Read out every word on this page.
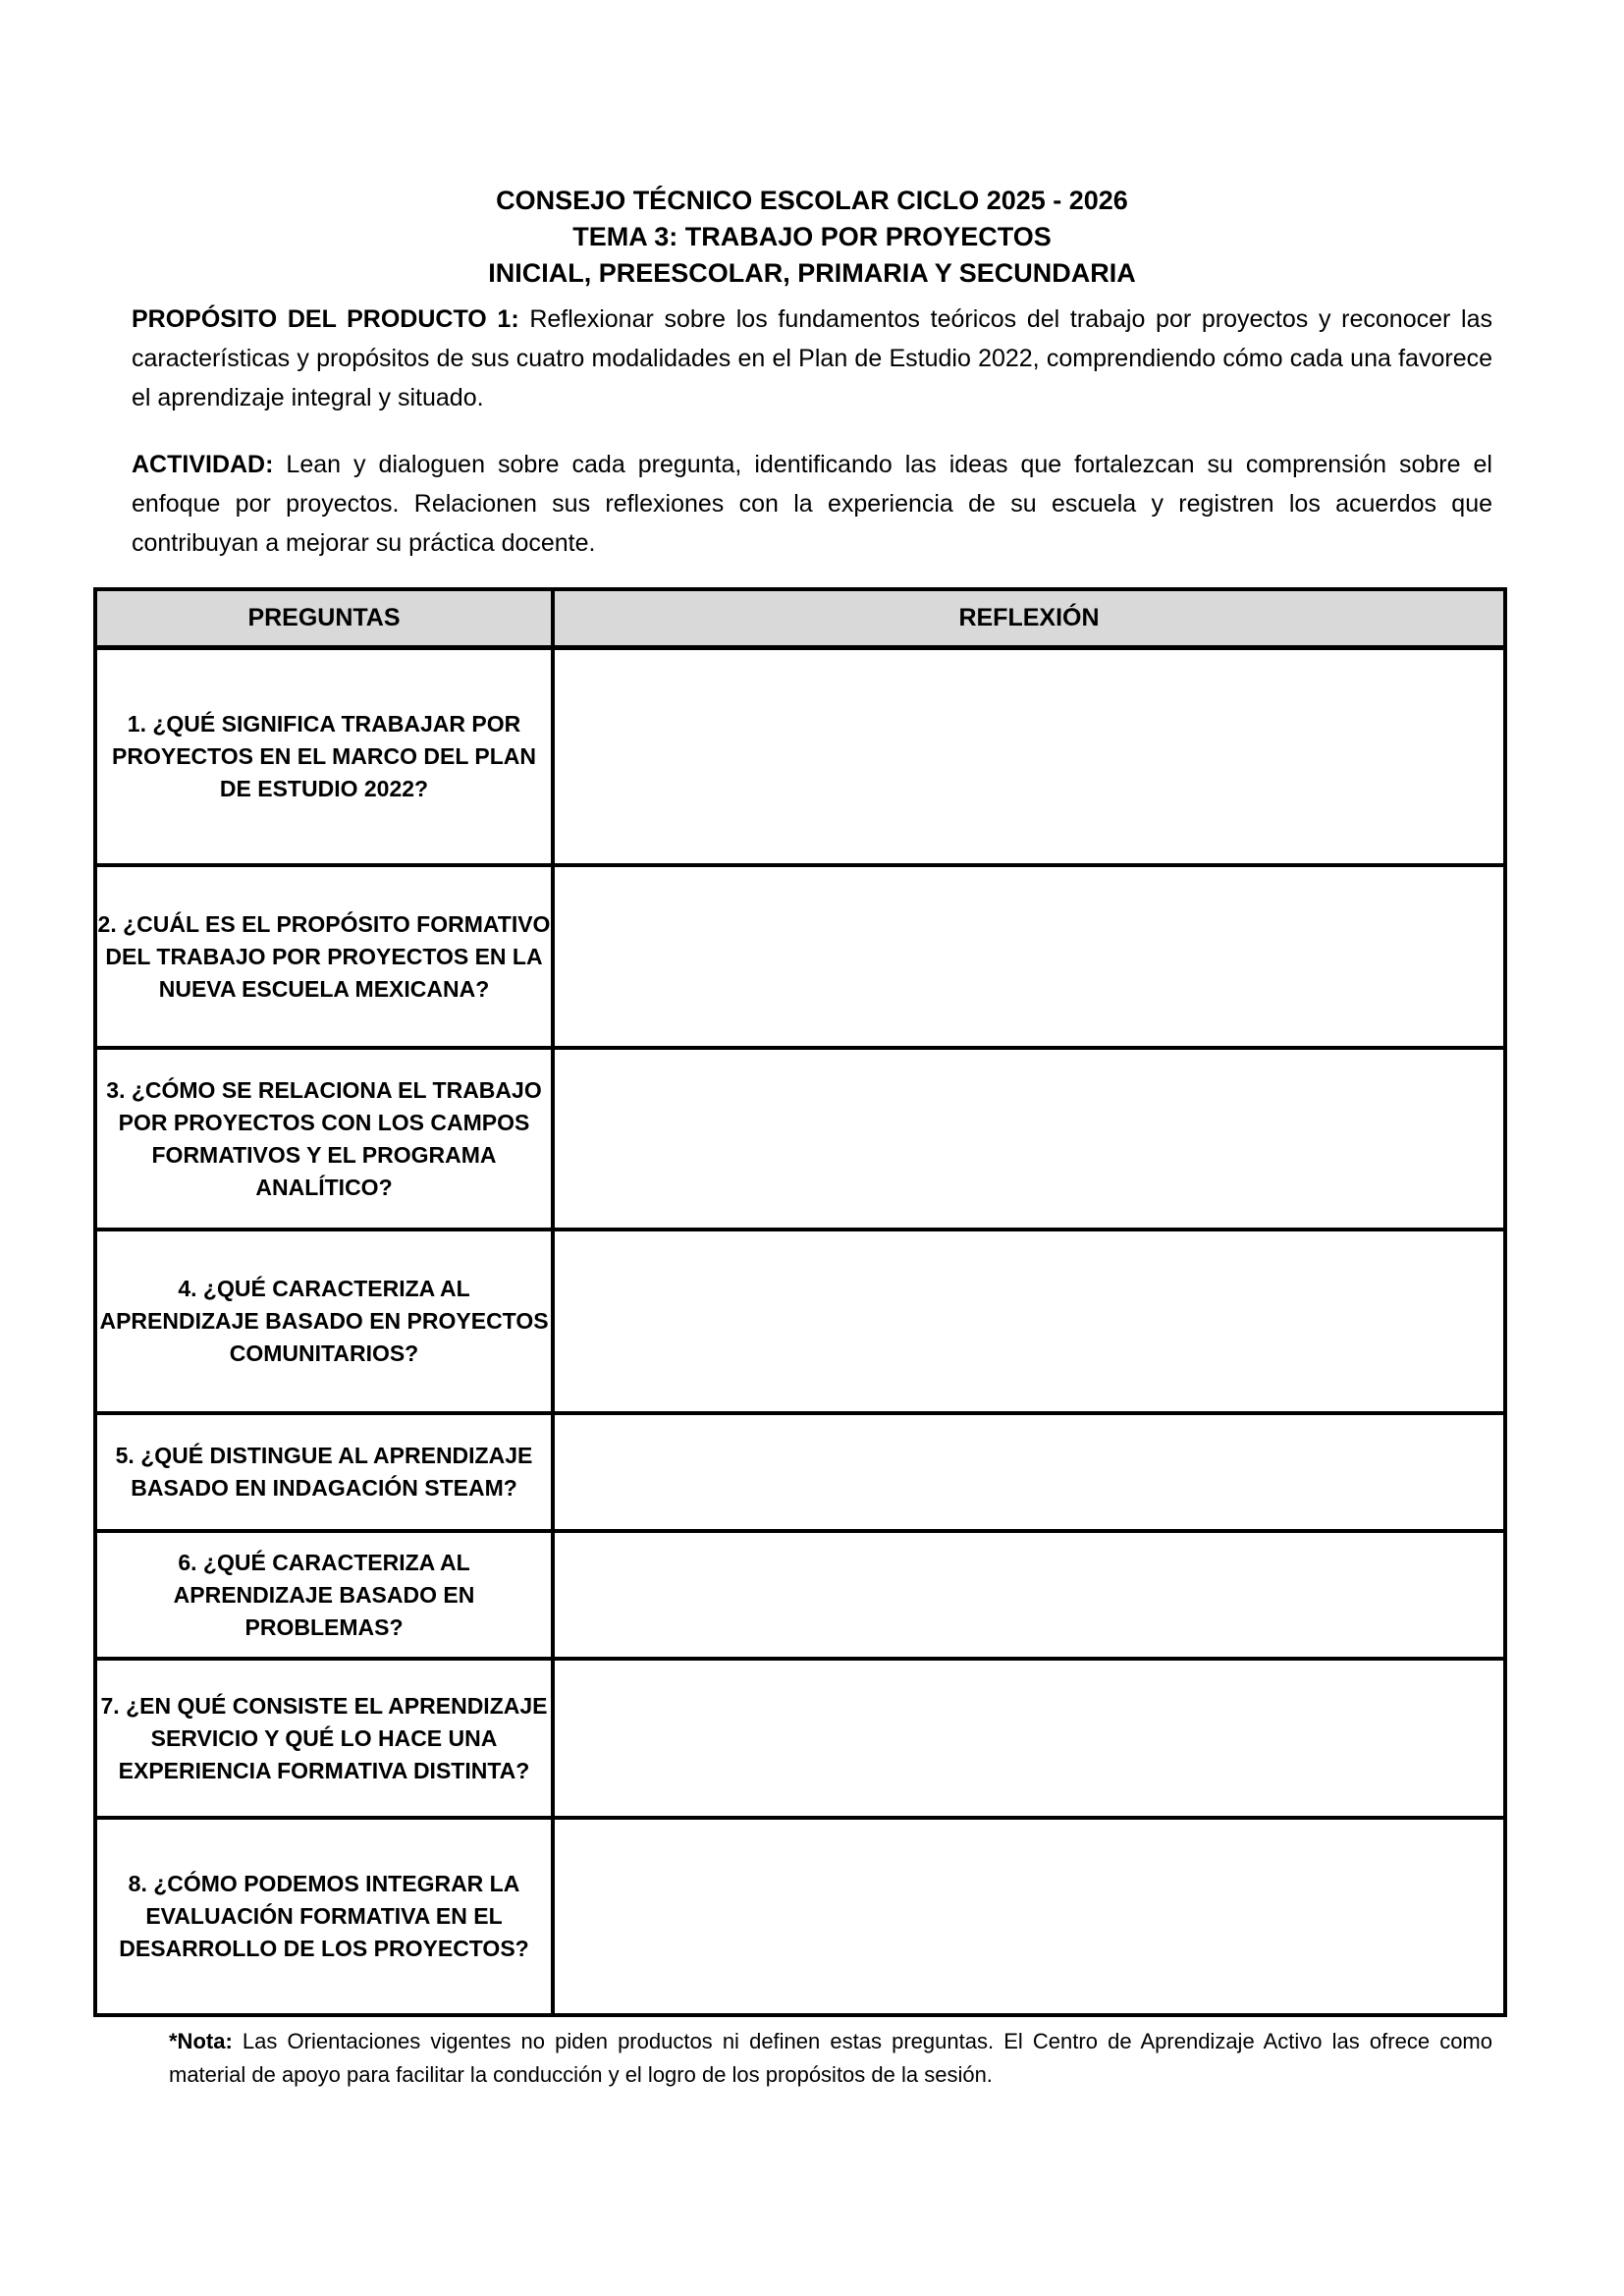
CONSEJO TÉCNICO ESCOLAR CICLO 2025 - 2026
TEMA 3: TRABAJO POR PROYECTOS
INICIAL, PREESCOLAR, PRIMARIA Y SECUNDARIA

PROPÓSITO DEL PRODUCTO 1: Reflexionar sobre los fundamentos teóricos del trabajo por proyectos y reconocer las características y propósitos de sus cuatro modalidades en el Plan de Estudio 2022, comprendiendo cómo cada una favorece el aprendizaje integral y situado.

ACTIVIDAD: Lean y dialoguen sobre cada pregunta, identificando las ideas que fortalezcan su comprensión sobre el enfoque por proyectos. Relacionen sus reflexiones con la experiencia de su escuela y registren los acuerdos que contribuyan a mejorar su práctica docente.

PREGUNTAS	REFLEXIÓN
1. ¿QUÉ SIGNIFICA TRABAJAR POR PROYECTOS EN EL MARCO DEL PLAN DE ESTUDIO 2022?	
2. ¿CUÁL ES EL PROPÓSITO FORMATIVO DEL TRABAJO POR PROYECTOS EN LA NUEVA ESCUELA MEXICANA?	
3. ¿CÓMO SE RELACIONA EL TRABAJO POR PROYECTOS CON LOS CAMPOS FORMATIVOS Y EL PROGRAMA ANALÍTICO?	
4. ¿QUÉ CARACTERIZA AL APRENDIZAJE BASADO EN PROYECTOS COMUNITARIOS?	
5. ¿QUÉ DISTINGUE AL APRENDIZAJE BASADO EN INDAGACIÓN STEAM?	
6. ¿QUÉ CARACTERIZA AL APRENDIZAJE BASADO EN PROBLEMAS?	
7. ¿EN QUÉ CONSISTE EL APRENDIZAJE SERVICIO Y QUÉ LO HACE UNA EXPERIENCIA FORMATIVA DISTINTA?	
8. ¿CÓMO PODEMOS INTEGRAR LA EVALUACIÓN FORMATIVA EN EL DESARROLLO DE LOS PROYECTOS?	

*Nota: Las Orientaciones vigentes no piden productos ni definen estas preguntas. El Centro de Aprendizaje Activo las ofrece como material de apoyo para facilitar la conducción y el logro de los propósitos de la sesión.
